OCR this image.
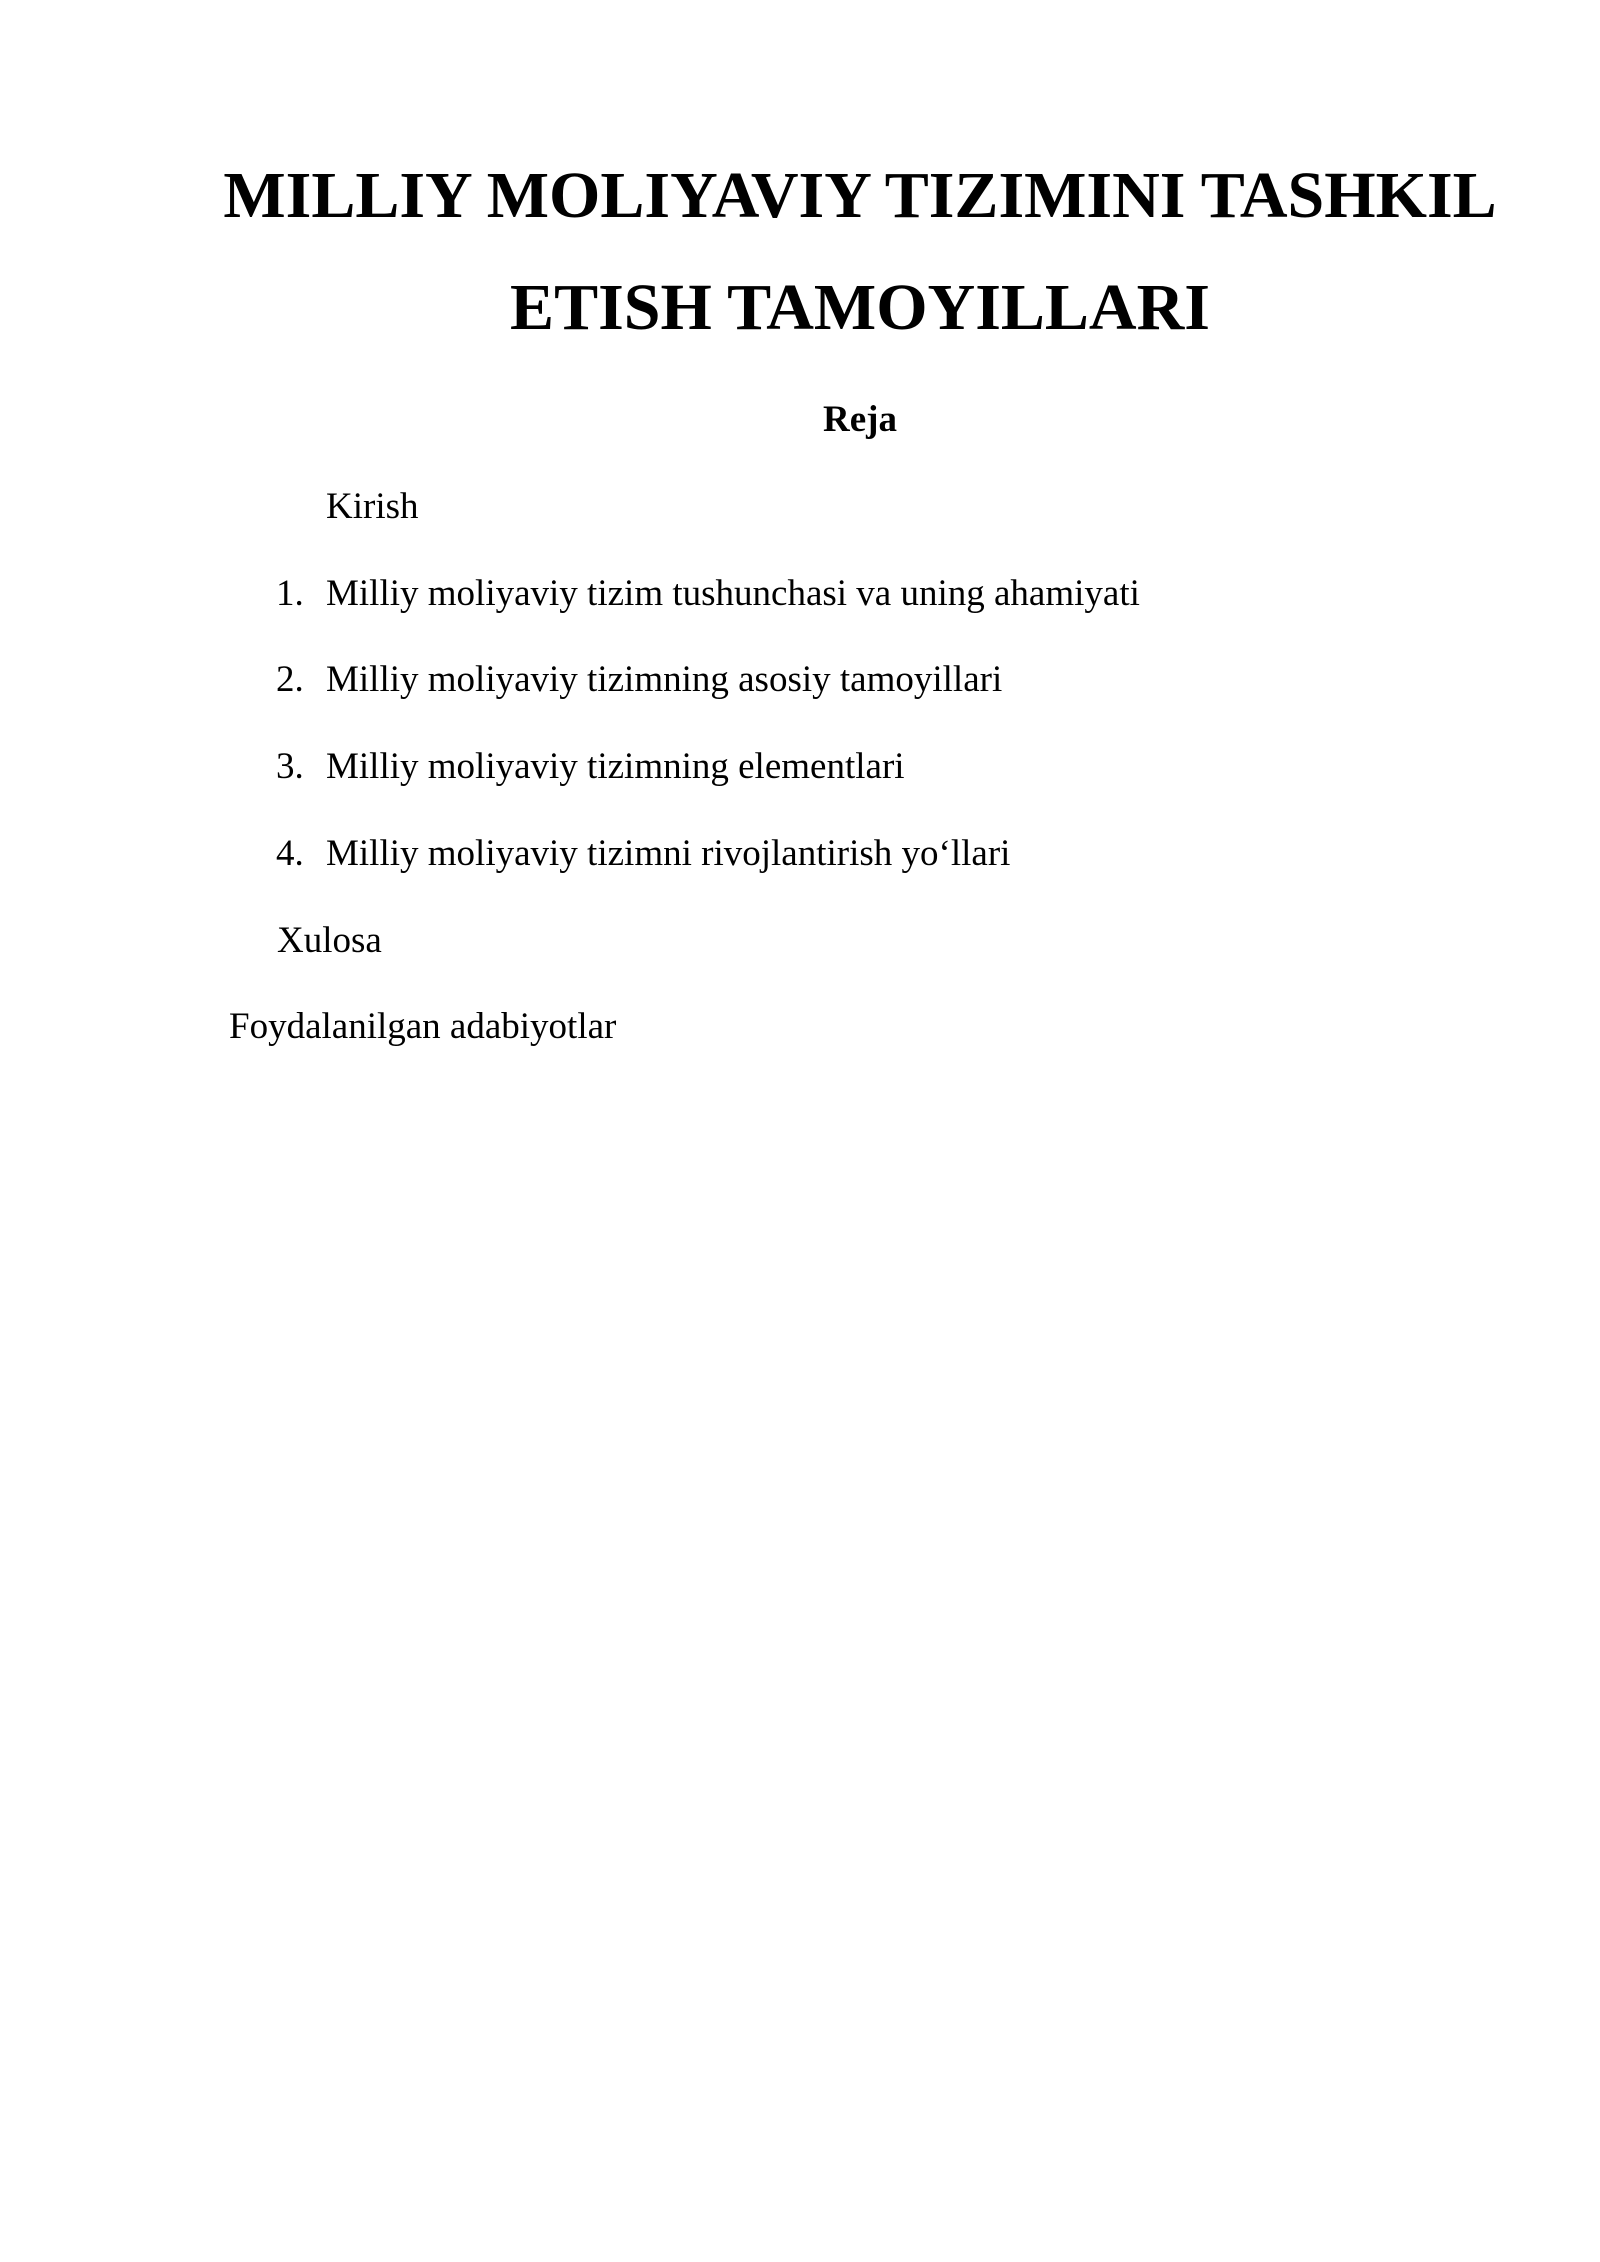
MILLIY MOLIYAVIY TIZIMINI TASHKIL
ETISH TAMOYILLARI
Reja
Kirish
1. Milliy moliyaviy tizim tushunchasi va uning ahamiyati
2. Milliy moliyaviy tizimning asosiy tamoyillari
3. Milliy moliyaviy tizimning elementlari
4. Milliy moliyaviy tizimni rivojlantirish yo‘llari
Xulosa
Foydalanilgan adabiyotlar
